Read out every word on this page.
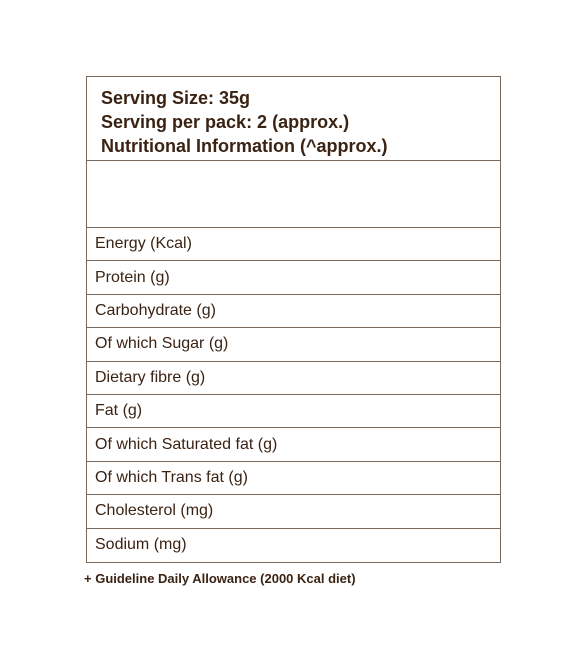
Serving Size: 35g
Serving per pack: 2 (approx.)
Nutritional Information (^approx.)
Energy (Kcal)
Protein (g)
Carbohydrate (g)
Of which Sugar (g)
Dietary fibre (g)
Fat (g)
Of which Saturated fat (g)
Of which Trans fat (g)
Cholesterol (mg)
Sodium (mg)
+ Guideline Daily Allowance (2000 Kcal diet)
